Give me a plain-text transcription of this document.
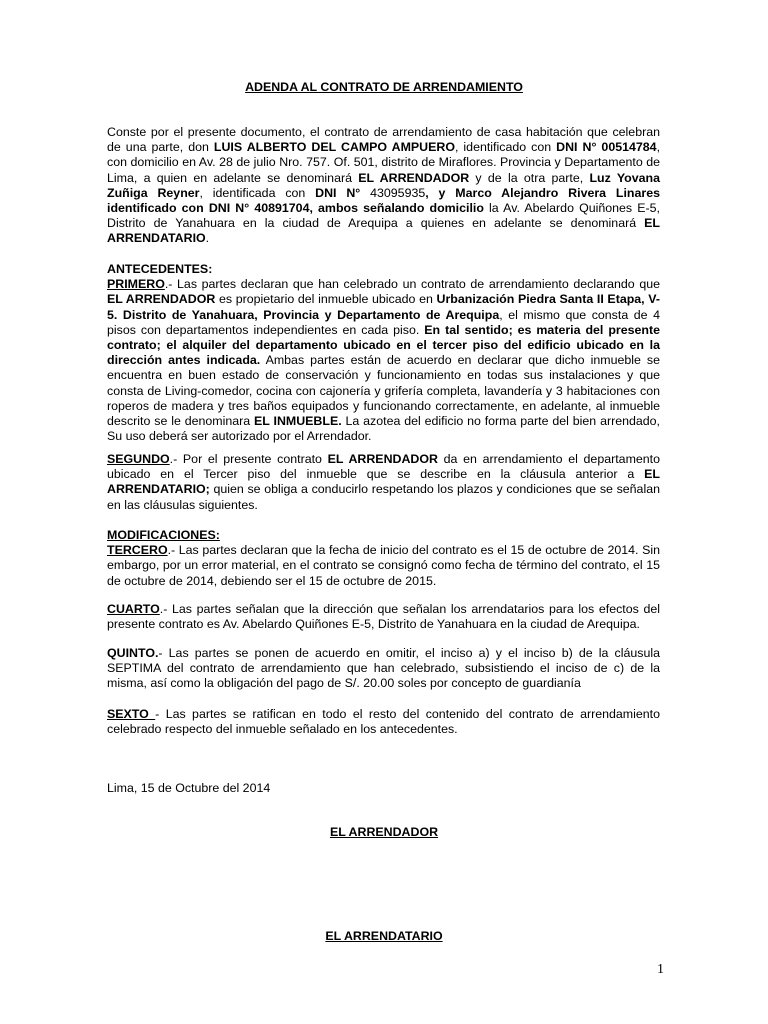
ADENDA AL CONTRATO DE ARRENDAMIENTO

Conste por el presente documento, el contrato de arrendamiento de casa habitación que celebran de una parte, don LUIS ALBERTO DEL CAMPO AMPUERO, identificado con DNI N° 00514784, con domicilio en Av. 28 de julio Nro. 757. Of. 501, distrito de Miraflores. Provincia y Departamento de Lima, a quien en adelante se denominará EL ARRENDADOR y de la otra parte, Luz Yovana Zuñiga Reyner, identificada con DNI N° 43095935, y Marco Alejandro Rivera Linares identificado con DNI N° 40891704, ambos señalando domicilio la Av. Abelardo Quiñones E-5, Distrito de Yanahuara en la ciudad de Arequipa a quienes en adelante se denominará EL ARRENDATARIO.

ANTECEDENTES:

PRIMERO.- Las partes declaran que han celebrado un contrato de arrendamiento declarando que EL ARRENDADOR es propietario del inmueble ubicado en Urbanización Piedra Santa II Etapa, V-5. Distrito de Yanahuara, Provincia y Departamento de Arequipa, el mismo que consta de 4 pisos con departamentos independientes en cada piso. En tal sentido; es materia del presente contrato; el alquiler del departamento ubicado en el tercer piso del edificio ubicado en la dirección antes indicada. Ambas partes están de acuerdo en declarar que dicho inmueble se encuentra en buen estado de conservación y funcionamiento en todas sus instalaciones y que consta de Living-comedor, cocina con cajonería y grifería completa, lavandería y 3 habitaciones con roperos de madera y tres baños equipados y funcionando correctamente, en adelante, al inmueble descrito se le denominara EL INMUEBLE. La azotea del edificio no forma parte del bien arrendado, Su uso deberá ser autorizado por el Arrendador.

SEGUNDO.- Por el presente contrato EL ARRENDADOR da en arrendamiento el departamento ubicado en el Tercer piso del inmueble que se describe en la cláusula anterior a EL ARRENDATARIO; quien se obliga a conducirlo respetando los plazos y condiciones que se señalan en las cláusulas siguientes.

MODIFICACIONES:

TERCERO.- Las partes declaran que la fecha de inicio del contrato es el 15 de octubre de 2014. Sin embargo, por un error material, en el contrato se consignó como fecha de término del contrato, el 15 de octubre de 2014, debiendo ser el 15 de octubre de 2015.

CUARTO.- Las partes señalan que la dirección que señalan los arrendatarios para los efectos del presente contrato es Av. Abelardo Quiñones E-5, Distrito de Yanahuara en la ciudad de Arequipa.

QUINTO.- Las partes se ponen de acuerdo en omitir, el inciso a) y el inciso b) de la cláusula SEPTIMA del contrato de arrendamiento que han celebrado, subsistiendo el inciso de c) de la misma, así como la obligación del pago de S/. 20.00 soles por concepto de guardianía

SEXTO - Las partes se ratifican en todo el resto del contenido del contrato de arrendamiento celebrado respecto del inmueble señalado en los antecedentes.

Lima, 15 de Octubre del 2014
EL ARRENDADOR
EL ARRENDATARIO
1
